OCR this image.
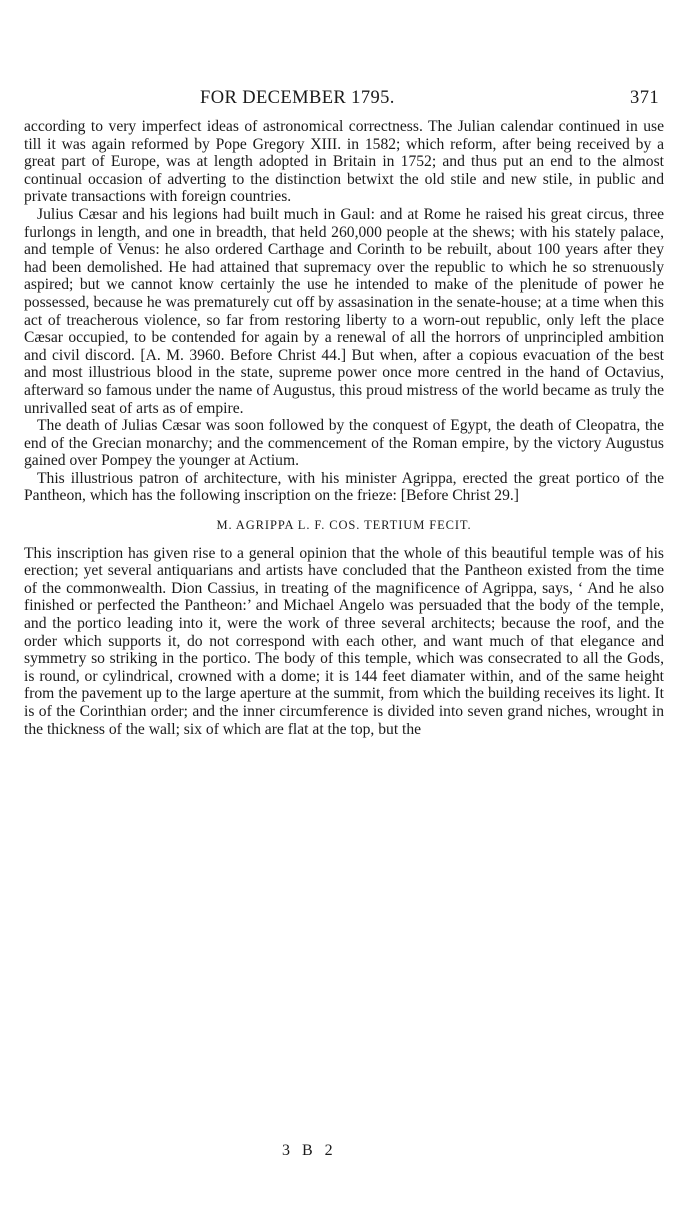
FOR DECEMBER 1795.	371

according to very imperfect ideas of astronomical correctness. The Julian calendar continued in use till it was again reformed by Pope Gregory XIII. in 1582; which reform, after being received by a great part of Europe, was at length adopted in Britain in 1752; and thus put an end to the almost continual occasion of adverting to the distinction betwixt the old stile and new stile, in public and private transactions with foreign countries.

Julius Cæsar and his legions had built much in Gaul: and at Rome he raised his great circus, three furlongs in length, and one in breadth, that held 260,000 people at the shews; with his stately palace, and temple of Venus: he also ordered Carthage and Corinth to be rebuilt, about 100 years after they had been demolished. He had attained that supremacy over the republic to which he so strenuously aspired; but we cannot know certainly the use he intended to make of the plenitude of power he possessed, because he was prematurely cut off by assasination in the senate-house; at a time when this act of treacherous violence, so far from restoring liberty to a worn-out republic, only left the place Cæsar occupied, to be contended for again by a renewal of all the horrors of unprincipled ambition and civil discord. [A. M. 3960. Before Christ 44.] But when, after a copious evacuation of the best and most illustrious blood in the state, supreme power once more centred in the hand of Octavius, afterward so famous under the name of Augustus, this proud mistress of the world became as truly the unrivalled seat of arts as of empire.

The death of Julias Cæsar was soon followed by the conquest of Egypt, the death of Cleopatra, the end of the Grecian monarchy; and the commencement of the Roman empire, by the victory Augustus gained over Pompey the younger at Actium.

This illustrious patron of architecture, with his minister Agrippa, erected the great portico of the Pantheon, which has the following inscription on the frieze: [Before Christ 29.]

M. AGRIPPA L. F. COS. TERTIUM FECIT.

This inscription has given rise to a general opinion that the whole of this beautiful temple was of his erection; yet several antiquarians and artists have concluded that the Pantheon existed from the time of the commonwealth. Dion Cassius, in treating of the magnificence of Agrippa, says, ‘ And he also finished or perfected the Pantheon:’ and Michael Angelo was persuaded that the body of the temple, and the portico leading into it, were the work of three several architects; because the roof, and the order which supports it, do not correspond with each other, and want much of that elegance and symmetry so striking in the portico. The body of this temple, which was consecrated to all the Gods, is round, or cylindrical, crowned with a dome; it is 144 feet diamater within, and of the same height from the pavement up to the large aperture at the summit, from which the building receives its light. It is of the Corinthian order; and the inner circumference is divided into seven grand niches, wrought in the thickness of the wall; six of which are flat at the top, but the

3 B 2
